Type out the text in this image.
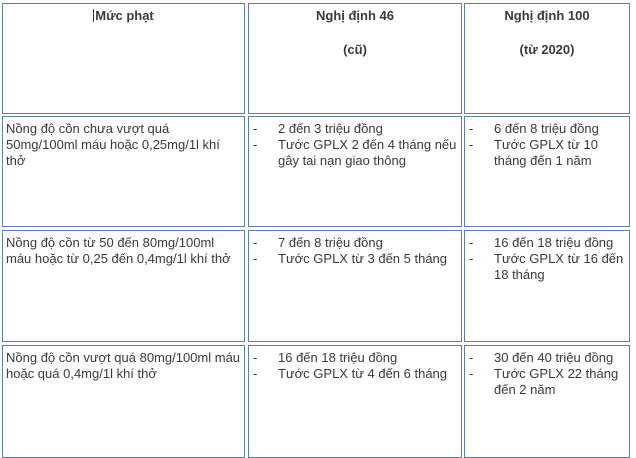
Mức phạt	Nghị định 46
(cũ)
Nghị định 100
(từ 2020)
Nồng độ cồn chưa vượt quá 50mg/100ml máu hoặc 0,25mg/1l khí thở
- 2 đến 3 triệu đồng
- Tước GPLX 2 đến 4 tháng nếu gây tai nạn giao thông
- 6 đến 8 triệu đồng
- Tước GPLX từ 10 tháng đến 1 năm
Nồng độ cồn từ 50 đến 80mg/100ml máu hoặc từ 0,25 đến 0,4mg/1l khí thở
- 7 đến 8 triệu đồng
- Tước GPLX từ 3 đến 5 tháng
- 16 đến 18 triệu đồng
- Tước GPLX từ 16 đến 18 tháng
Nồng độ cồn vượt quá 80mg/100ml máu hoặc quá 0,4mg/1l khí thở
- 16 đến 18 triệu đồng
- Tước GPLX từ 4 đến 6 tháng
- 30 đến 40 triệu đồng
- Tước GPLX 22 tháng đến 2 năm
